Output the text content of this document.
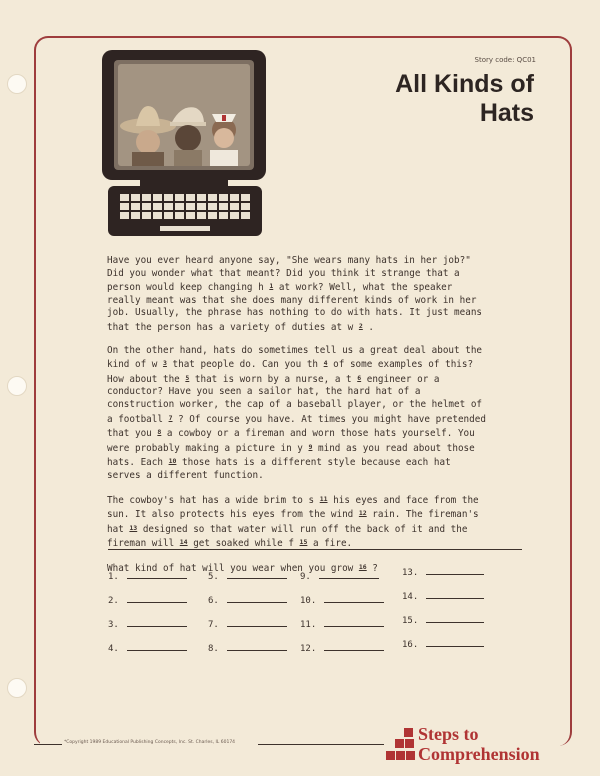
Story code: QC01
All Kinds of
Hats

Have you ever heard anyone say, "She wears many hats in her job?" Did you wonder what that meant? Did you think it strange that a person would keep changing h $^1$ at work? Well, what the speaker really meant was that she does many different kinds of work in her job. Usually, the phrase has nothing to do with hats. It just means that the person has a variety of duties at w $^2$ .

On the other hand, hats do sometimes tell us a great deal about the kind of w $^3$ that people do. Can you th $^4$ of some examples of this? How about the $^5$ that is worn by a nurse, a t $^6$ engineer or a conductor? Have you seen a sailor hat, the hard hat of a construction worker, the cap of a baseball player, or the helmet of a football $^7$ ? Of course you have. At times you might have pretended that you $^8$ a cowboy or a fireman and worn those hats yourself. You were probably making a picture in y $^9$ mind as you read about those hats. Each $^{10}$ those hats is a different style because each hat serves a different function.

The cowboy's hat has a wide brim to s $^{11}$ his eyes and face from the sun. It also protects his eyes from the wind $^{12}$ rain. The fireman's hat $^{13}$ designed so that water will run off the back of it and the fireman will $^{14}$ get soaked while f $^{15}$ a fire.

What kind of hat will you wear when you grow $^{16}$ ?

1.
2.
3.
4.
5.
6.
7.
8.
9.
10.
11.
12.
13.
14.
15.
16.
*Copyright 1989 Educational Publishing Concepts, Inc. St. Charles, IL 60174	Steps to
Comprehension
